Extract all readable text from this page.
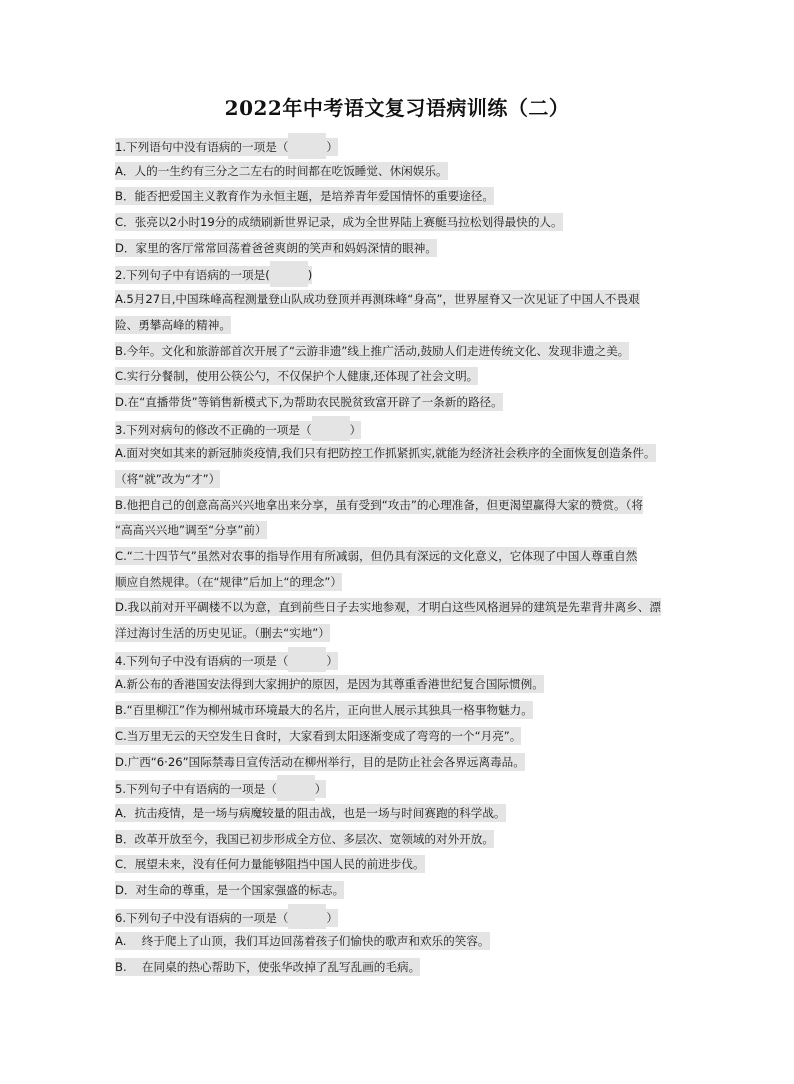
2022年中考语文复习语病训练（二）
1.下列语句中没有语病的一项是（	）
A．人的一生约有三分之二左右的时间都在吃饭睡觉、休闲娱乐。
B．能否把爱国主义教育作为永恒主题，是培养青年爱国情怀的重要途径。
C．张亮以2小时19分的成绩刷新世界记录，成为全世界陆上赛艇马拉松划得最快的人。
D．家里的客厅常常回荡着爸爸爽朗的笑声和妈妈深情的眼神。
2.下列句子中有语病的一项是(	)
A.5月27日,中国珠峰高程测量登山队成功登顶并再测珠峰“身高”，世界屋脊又一次见证了中国人不畏艰
险、勇攀高峰的精神。
B.今年。文化和旅游部首次开展了“云游非遗”线上推广活动,鼓励人们走进传统文化、发现非遗之美。
C.实行分餐制，使用公筷公勺，不仅保护个人健康,还体现了社会文明。
D.在“直播带货”等销售新模式下,为帮助农民脱贫致富开辟了一条新的路径。
3.下列对病句的修改不正确的一项是（	）
A.面对突如其来的新冠肺炎疫情,我们只有把防控工作抓紧抓实,就能为经济社会秩序的全面恢复创造条件。
（将“就”改为“才”）
B.他把自己的创意高高兴兴地拿出来分享，虽有受到“攻击”的心理准备，但更渴望赢得大家的赞赏。（将
“高高兴兴地”调至“分享”前）
C.“二十四节气”虽然对农事的指导作用有所减弱，但仍具有深远的文化意义，它体现了中国人尊重自然
顺应自然规律。（在“规律”后加上“的理念”）
D.我以前对开平碉楼不以为意，直到前些日子去实地参观，才明白这些风格迥异的建筑是先辈背井离乡、漂
洋过海讨生活的历史见证。（删去“实地”）
4.下列句子中没有语病的一项是（	）
A.新公布的香港国安法得到大家拥护的原因，是因为其尊重香港世纪复合国际惯例。
B.“百里柳江”作为柳州城市环境最大的名片，正向世人展示其独具一格事物魅力。
C.当万里无云的天空发生日食时，大家看到太阳逐渐变成了弯弯的一个“月亮”。
D.广西“6·26”国际禁毒日宣传活动在柳州举行，目的是防止社会各界远离毒品。
5.下列句子中有语病的一项是（	）
A．抗击疫情，是一场与病魔较量的阻击战，也是一场与时间赛跑的科学战。
B．改革开放至今，我国已初步形成全方位、多层次、宽领域的对外开放。
C．展望未来，没有任何力量能够阻挡中国人民的前进步伐。
D．对生命的尊重，是一个国家强盛的标志。
6.下列句子中没有语病的一项是（	）
A.　 终于爬上了山顶，我们耳边回荡着孩子们愉快的歌声和欢乐的笑容。
B.　 在同桌的热心帮助下，使张华改掉了乱写乱画的毛病。
